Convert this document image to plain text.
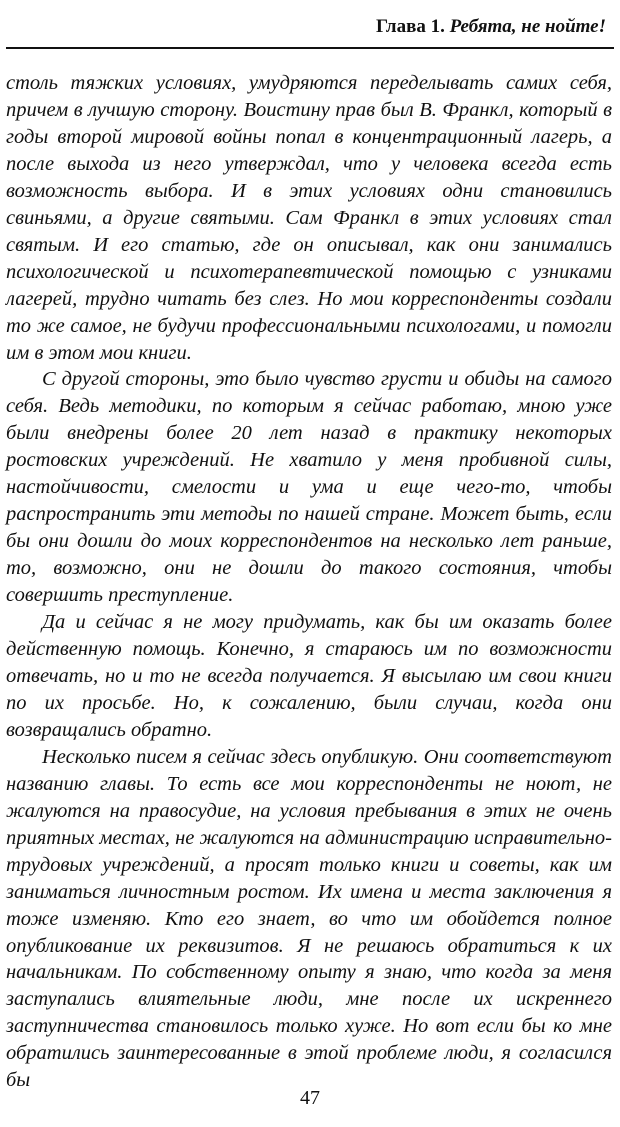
Глава 1. Ребята, не нойте!

столь тяжких условиях, умудряются переделывать самих себя, причем в лучшую сторону. Воистину прав был В. Франкл, который в годы второй мировой войны попал в концентрационный лагерь, а после выхода из него утверждал, что у человека всегда есть возможность выбора. И в этих условиях одни становились свиньями, а другие святыми. Сам Франкл в этих условиях стал святым. И его статью, где он описывал, как они занимались психологической и психотерапевтической помощью с узниками лагерей, трудно читать без слез. Но мои корреспонденты создали то же самое, не будучи профессиональными психологами, и помогли им в этом мои книги.

С другой стороны, это было чувство грусти и обиды на самого себя. Ведь методики, по которым я сейчас работаю, мною уже были внедрены более 20 лет назад в практику некоторых ростовских учреждений. Не хватило у меня пробивной силы, настойчивости, смелости и ума и еще чего-то, чтобы распространить эти методы по нашей стране. Может быть, если бы они дошли до моих корреспондентов на несколько лет раньше, то, возможно, они не дошли до такого состояния, чтобы совершить преступление.

Да и сейчас я не могу придумать, как бы им оказать более действенную помощь. Конечно, я стараюсь им по возможности отвечать, но и то не всегда получается. Я высылаю им свои книги по их просьбе. Но, к сожалению, были случаи, когда они возвращались обратно.

Несколько писем я сейчас здесь опубликую. Они соответствуют названию главы. То есть все мои корреспонденты не ноют, не жалуются на правосудие, на условия пребывания в этих не очень приятных местах, не жалуются на администрацию исправительно-трудовых учреждений, а просят только книги и советы, как им заниматься личностным ростом. Их имена и места заключения я тоже изменяю. Кто его знает, во что им обойдется полное опубликование их реквизитов. Я не решаюсь обратиться к их начальникам. По собственному опыту я знаю, что когда за меня заступались влиятельные люди, мне после их искреннего заступничества становилось только хуже. Но вот если бы ко мне обратились заинтересованные в этой проблеме люди, я согласился бы

47
